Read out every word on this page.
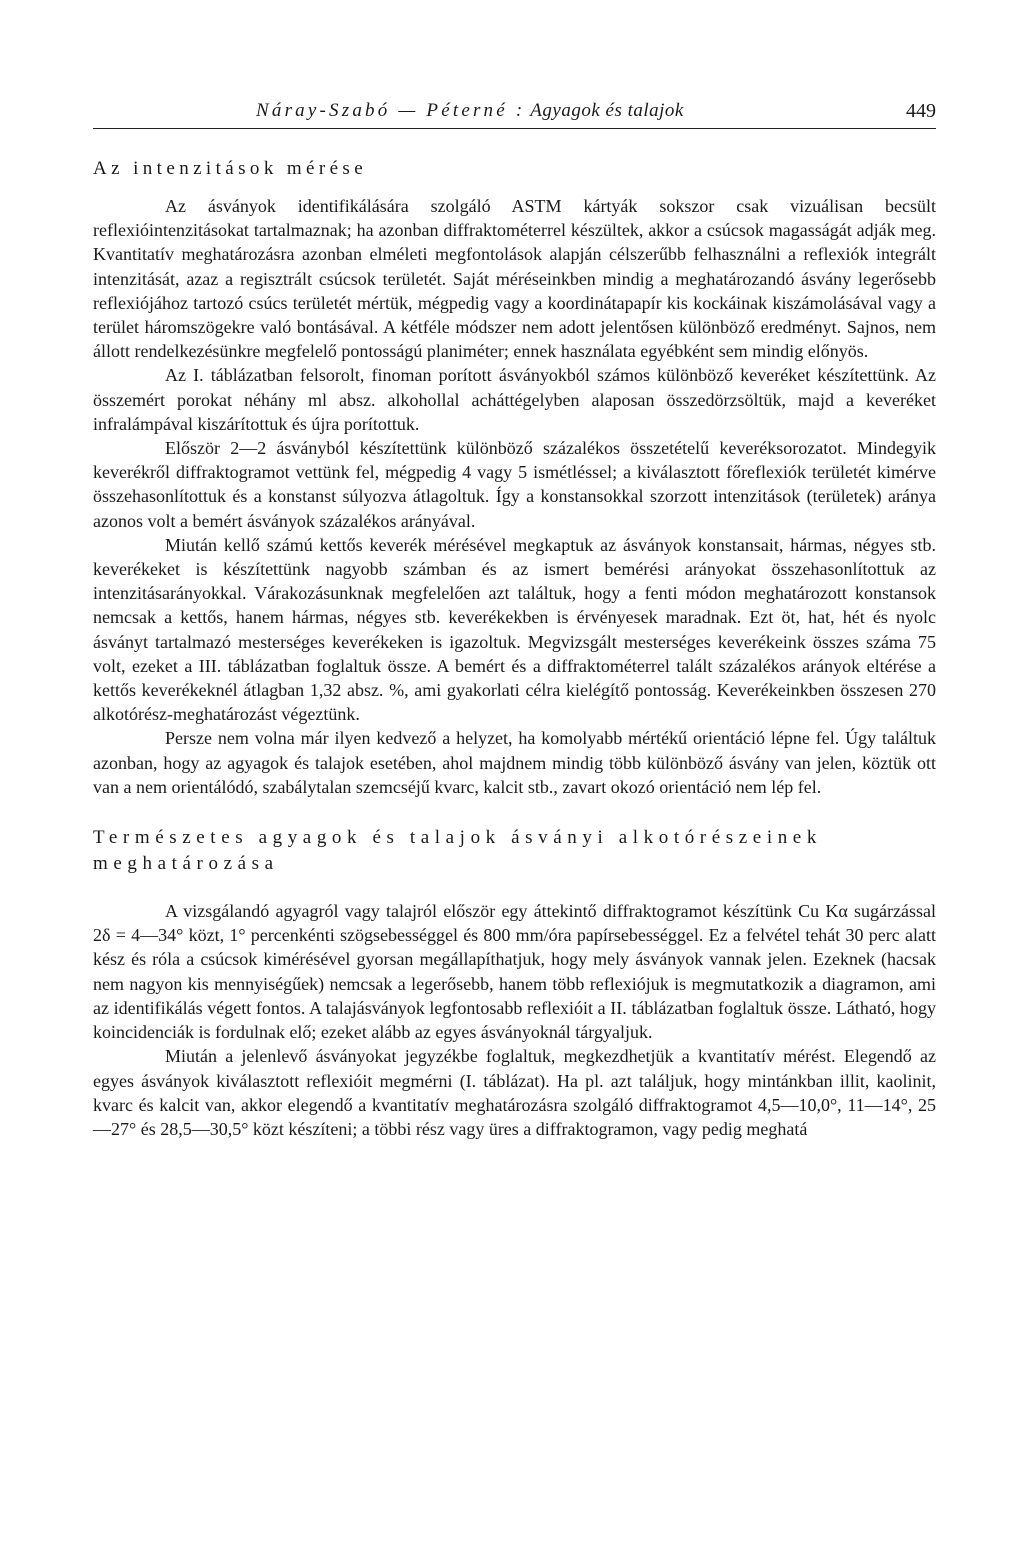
Náray-Szabó — Péterné : Agyagok és talajok	449
Az intenzitások mérése

Az ásványok identifikálására szolgáló ASTM kártyák sokszor csak vizuálisan becsült reflexióintenzitásokat tartalmaznak; ha azonban diffraktométerrel készültek, akkor a csúcsok magasságát adják meg. Kvantitatív meghatározásra azonban elméleti megfontolások alapján célszerűbb felhasználni a reflexiók integrált intenzitását, azaz a regisztrált csúcsok területét. Saját méréseinkben mindig a meghatározandó ásvány legerősebb reflexiójához tartozó csúcs területét mértük, mégpedig vagy a koordinátapapír kis kockáinak kiszámolásával vagy a terület háromszögekre való bontásával. A kétféle módszer nem adott jelentősen különböző eredményt. Sajnos, nem állott rendelkezésünkre megfelelő pontosságú planiméter; ennek használata egyébként sem mindig előnyös.

Az I. táblázatban felsorolt, finoman porított ásványokból számos különböző keveréket készítettünk. Az összemért porokat néhány ml absz. alkohollal acháttégelyben alaposan összedörzsöltük, majd a keveréket infralámpával kiszárítottuk és újra porítottuk.

Először 2—2 ásványból készítettünk különböző százalékos összetételű keveréksorozatot. Mindegyik keverékről diffraktogramot vettünk fel, mégpedig 4 vagy 5 ismétléssel; a kiválasztott főreflexiók területét kimérve összehasonlítottuk és a konstanst súlyozva átlagoltuk. Így a konstansokkal szorzott intenzitások (területek) aránya azonos volt a bemért ásványok százalékos arányával.

Miután kellő számú kettős keverék mérésével megkaptuk az ásványok konstansait, hármas, négyes stb. keverékeket is készítettünk nagyobb számban és az ismert bemérési arányokat összehasonlítottuk az intenzitásarányokkal. Várakozásunknak megfelelően azt találtuk, hogy a fenti módon meghatározott konstansok nemcsak a kettős, hanem hármas, négyes stb. keverékekben is érvényesek maradnak. Ezt öt, hat, hét és nyolc ásványt tartalmazó mesterséges keverékeken is igazoltuk. Megvizsgált mesterséges keverékeink összes száma 75 volt, ezeket a III. táblázatban foglaltuk össze. A bemért és a diffraktométerrel talált százalékos arányok eltérése a kettős keverékeknél átlagban 1,32 absz. %, ami gyakorlati célra kielégítő pontosság. Keverékeinkben összesen 270 alkotórész-meghatározást végeztünk.

Persze nem volna már ilyen kedvező a helyzet, ha komolyabb mértékű orientáció lépne fel. Úgy találtuk azonban, hogy az agyagok és talajok esetében, ahol majdnem mindig több különböző ásvány van jelen, köztük ott van a nem orientálódó, szabálytalan szemcséjű kvarc, kalcit stb., zavart okozó orientáció nem lép fel.

Természetes agyagok és talajok ásványi alkotórészeinek meghatározása

A vizsgálandó agyagról vagy talajról először egy áttekintő diffraktogramot készítünk Cu Kα sugárzással 2δ = 4—34° közt, 1° percenkénti szögsebességgel és 800 mm/óra papírsebességgel. Ez a felvétel tehát 30 perc alatt kész és róla a csúcsok kimérésével gyorsan megállapíthatjuk, hogy mely ásványok vannak jelen. Ezeknek (hacsak nem nagyon kis mennyiségűek) nemcsak a legerősebb, hanem több reflexiójuk is megmutatkozik a diagramon, ami az identifikálás végett fontos. A talajásványok legfontosabb reflexióit a II. táblázatban foglaltuk össze. Látható, hogy koincidenciák is fordulnak elő; ezeket alább az egyes ásványoknál tárgyaljuk.

Miután a jelenlevő ásványokat jegyzékbe foglaltuk, megkezdhetjük a kvantitatív mérést. Elegendő az egyes ásványok kiválasztott reflexióit megmérni (I. táblázat). Ha pl. azt találjuk, hogy mintánkban illit, kaolinit, kvarc és kalcit van, akkor elegendő a kvantitatív meghatározásra szolgáló diffraktogramot 4,5—10,0°, 11—14°, 25—27° és 28,5—30,5° közt készíteni; a többi rész vagy üres a diffraktogramon, vagy pedig meghatá
